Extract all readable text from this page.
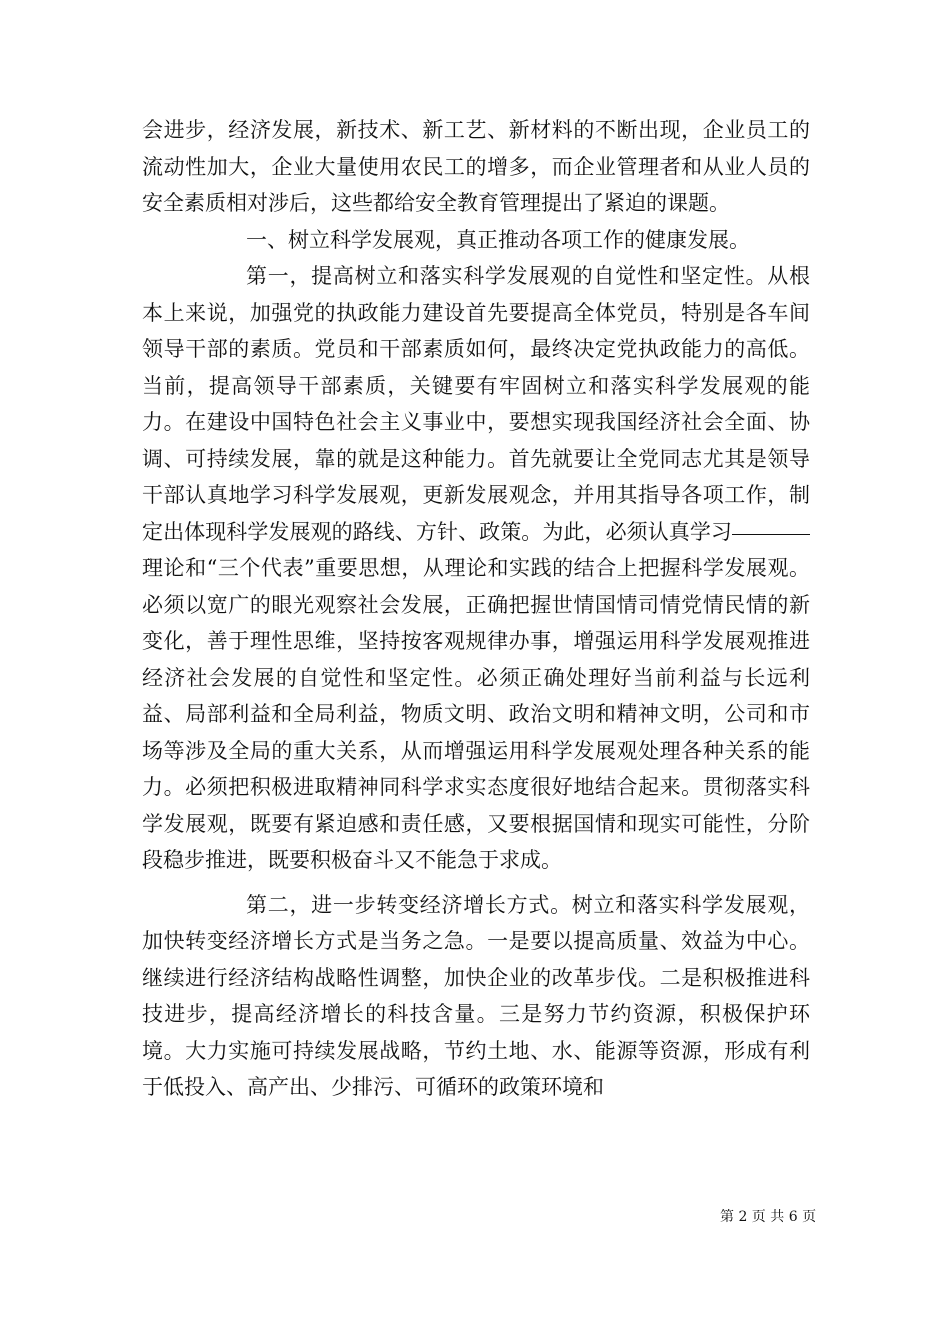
会进步，经济发展，新技术、新工艺、新材料的不断出现，企业员工的流动性加大，企业大量使用农民工的增多，而企业管理者和从业人员的安全素质相对涉后，这些都给安全教育管理提出了紧迫的课题。

一、树立科学发展观，真正推动各项工作的健康发展。

第一，提高树立和落实科学发展观的自觉性和坚定性。从根本上来说，加强党的执政能力建设首先要提高全体党员，特别是各车间领导干部的素质。党员和干部素质如何，最终决定党执政能力的高低。当前，提高领导干部素质，关键要有牢固树立和落实科学发展观的能力。在建设中国特色社会主义事业中，要想实现我国经济社会全面、协调、可持续发展，靠的就是这种能力。首先就要让全党同志尤其是领导干部认真地学习科学发展观，更新发展观念，并用其指导各项工作，制定出体现科学发展观的路线、方针、政策。为此，必须认真学习理论和“三个代表”重要思想，从理论和实践的结合上把握科学发展观。必须以宽广的眼光观察社会发展，正确把握世情国情司情党情民情的新变化，善于理性思维，坚持按客观规律办事，增强运用科学发展观推进经济社会发展的自觉性和坚定性。必须正确处理好当前利益与长远利益、局部利益和全局利益，物质文明、政治文明和精神文明，公司和市场等涉及全局的重大关系，从而增强运用科学发展观处理各种关系的能力。必须把积极进取精神同科学求实态度很好地结合起来。贯彻落实科学发展观，既要有紧迫感和责任感，又要根据国情和现实可能性，分阶段稳步推进，既要积极奋斗又不能急于求成。

第二，进一步转变经济增长方式。树立和落实科学发展观，加快转变经济增长方式是当务之急。一是要以提高质量、效益为中心。继续进行经济结构战略性调整，加快企业的改革步伐。二是积极推进科技进步，提高经济增长的科技含量。三是努力节约资源，积极保护环境。大力实施可持续发展战略，节约土地、水、能源等资源，形成有利于低投入、高产出、少排污、可循环的政策环境和

第 2 页 共 6 页
